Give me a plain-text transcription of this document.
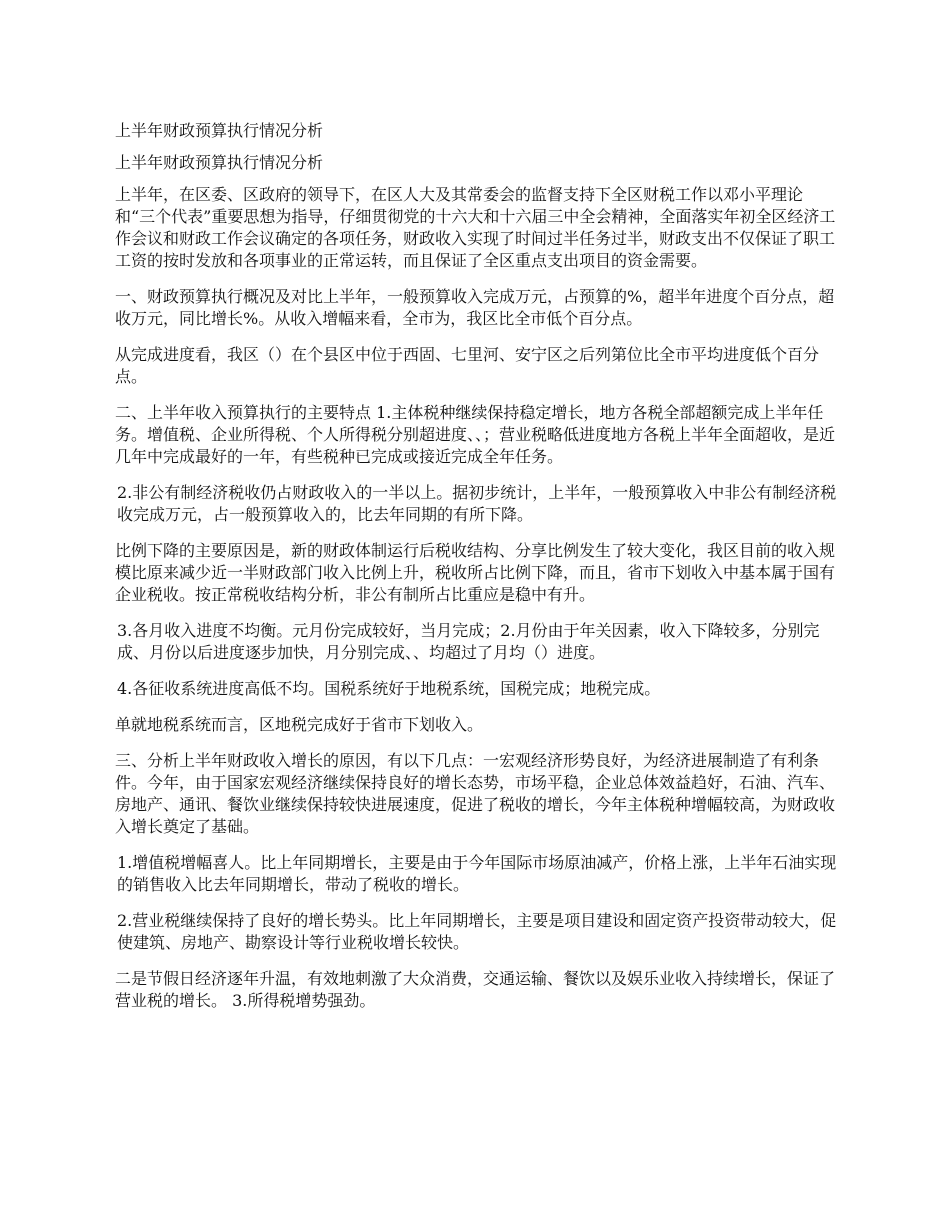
上半年财政预算执行情况分析
上半年财政预算执行情况分析
上半年，在区委、区政府的领导下，在区人大及其常委会的监督支持下全区财税工作以邓小平理论和“三个代表”重要思想为指导，仔细贯彻党的十六大和十六届三中全会精神，全面落实年初全区经济工作会议和财政工作会议确定的各项任务，财政收入实现了时间过半任务过半，财政支出不仅保证了职工工资的按时发放和各项事业的正常运转，而且保证了全区重点支出项目的资金需要。
一、财政预算执行概况及对比上半年，一般预算收入完成万元，占预算的%，超半年进度个百分点，超收万元，同比增长%。从收入增幅来看，全市为，我区比全市低个百分点。
从完成进度看，我区（）在个县区中位于西固、七里河、安宁区之后列第位比全市平均进度低个百分点。
二、上半年收入预算执行的主要特点 1.主体税种继续保持稳定增长，地方各税全部超额完成上半年任务。增值税、企业所得税、个人所得税分别超进度、、；营业税略低进度地方各税上半年全面超收，是近几年中完成最好的一年，有些税种已完成或接近完成全年任务。
2.非公有制经济税收仍占财政收入的一半以上。据初步统计，上半年，一般预算收入中非公有制经济税收完成万元，占一般预算收入的，比去年同期的有所下降。
比例下降的主要原因是，新的财政体制运行后税收结构、分享比例发生了较大变化，我区目前的收入规模比原来减少近一半财政部门收入比例上升，税收所占比例下降，而且，省市下划收入中基本属于国有企业税收。按正常税收结构分析，非公有制所占比重应是稳中有升。
3.各月收入进度不均衡。元月份完成较好，当月完成；2.月份由于年关因素，收入下降较多，分别完成、月份以后进度逐步加快，月分别完成、、均超过了月均（）进度。
4.各征收系统进度高低不均。国税系统好于地税系统，国税完成；地税完成。
单就地税系统而言，区地税完成好于省市下划收入。
三、分析上半年财政收入增长的原因，有以下几点：一宏观经济形势良好，为经济进展制造了有利条件。今年，由于国家宏观经济继续保持良好的增长态势，市场平稳，企业总体效益趋好，石油、汽车、房地产、通讯、餐饮业继续保持较快进展速度，促进了税收的增长，今年主体税种增幅较高，为财政收入增长奠定了基础。
1.增值税增幅喜人。比上年同期增长，主要是由于今年国际市场原油减产，价格上涨，上半年石油实现的销售收入比去年同期增长，带动了税收的增长。
2.营业税继续保持了良好的增长势头。比上年同期增长，主要是项目建设和固定资产投资带动较大，促使建筑、房地产、勘察设计等行业税收增长较快。
二是节假日经济逐年升温，有效地刺激了大众消费，交通运输、餐饮以及娱乐业收入持续增长，保证了营业税的增长。 3.所得税增势强劲。
